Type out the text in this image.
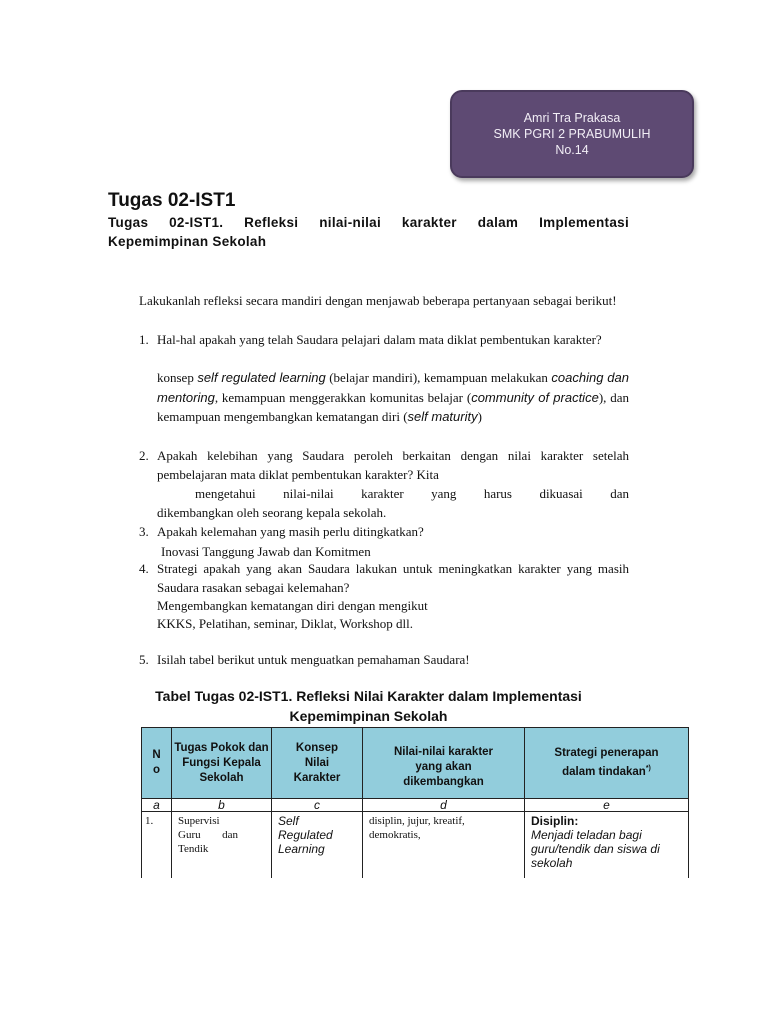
Amri Tra Prakasa
SMK PGRI 2 PRABUMULIH
No.14
Tugas 02-IST1
Tugas 02-IST1. Refleksi nilai-nilai karakter dalam Implementasi Kepemimpinan Sekolah
Lakukanlah refleksi secara mandiri dengan menjawab beberapa pertanyaan sebagai berikut!
1. Hal-hal apakah yang telah Saudara pelajari dalam mata diklat pembentukan karakter?
konsep self regulated learning (belajar mandiri), kemampuan melakukan coaching dan mentoring, kemampuan menggerakkan komunitas belajar (community of practice), dan kemampuan mengembangkan kematangan diri (self maturity)
2. Apakah kelebihan yang Saudara peroleh berkaitan dengan nilai karakter setelah pembelajaran mata diklat pembentukan karakter? Kita
mengetahui nilai-nilai karakter yang harus dikuasai dan
dikembangkan oleh seorang kepala sekolah.
3. Apakah kelemahan yang masih perlu ditingkatkan?
Inovasi Tanggung Jawab dan Komitmen
4. Strategi apakah yang akan Saudara lakukan untuk meningkatkan karakter yang masih Saudara rasakan sebagai kelemahan?
Mengembangkan kematangan diri dengan mengikut
KKKS, Pelatihan, seminar, Diklat, Workshop dll.
5. Isilah tabel berikut untuk menguatkan pemahaman Saudara!
Tabel Tugas 02-IST1. Refleksi Nilai Karakter dalam Implementasi Kepemimpinan Sekolah
N o	Tugas Pokok dan Fungsi Kepala Sekolah	Konsep Nilai Karakter	Nilai-nilai karakter yang akan dikembangkan	Strategi penerapan dalam tindakan*)

a	b	c	d	e
1.	Supervisi Guru dan Tendik	Self Regulated Learning	disiplin, jujur, kreatif, demokratis,	Disiplin:
Menjadi teladan bagi guru/tendik dan siswa di sekolah
